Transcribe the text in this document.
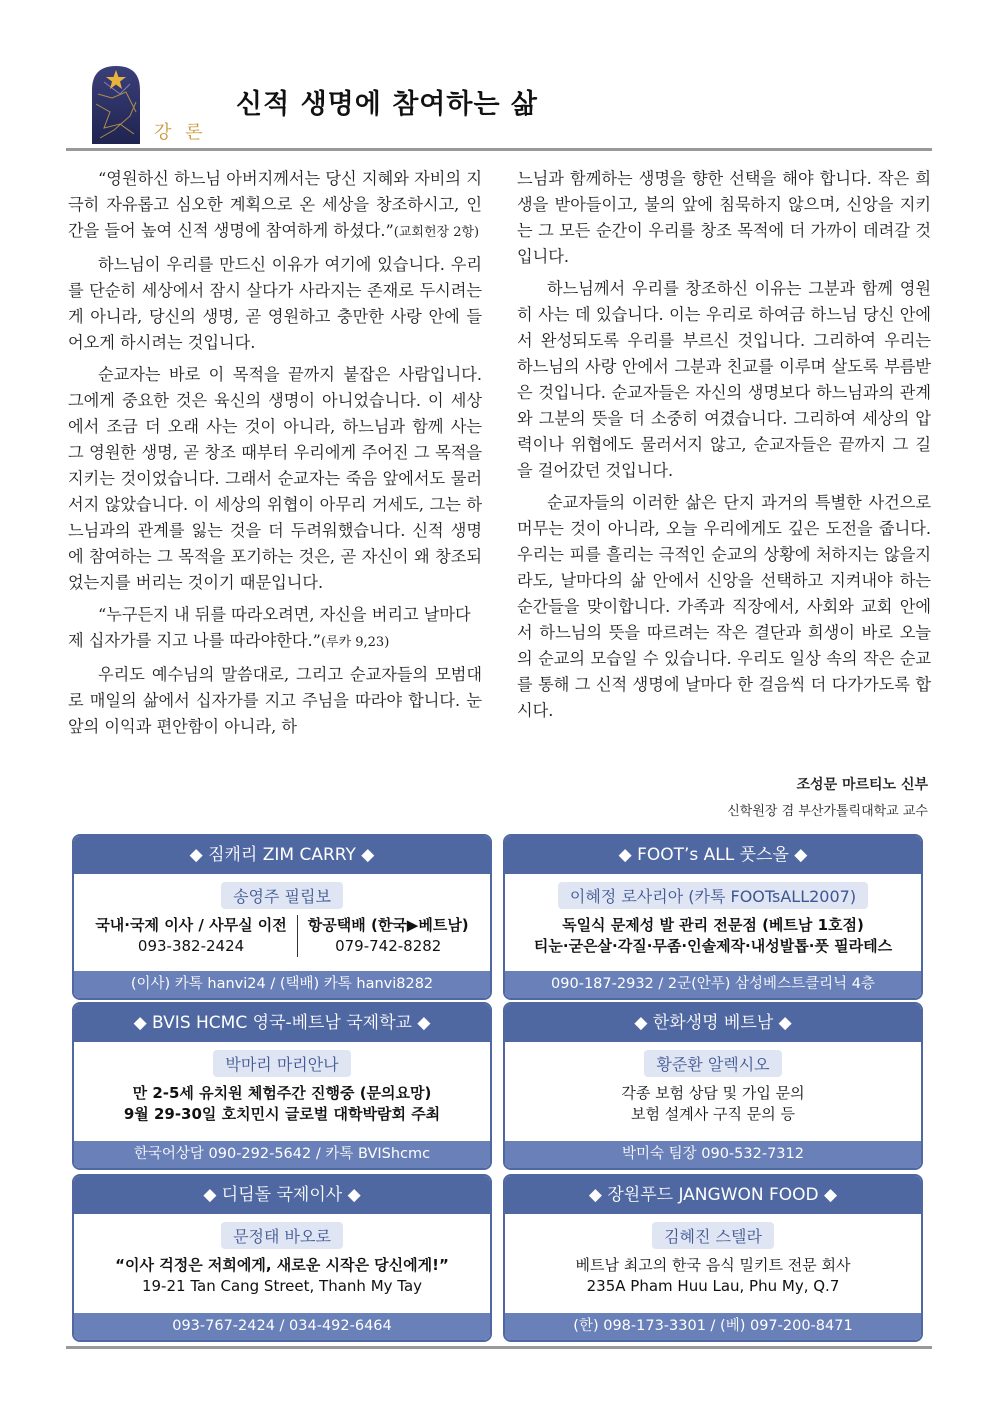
강 론
신적 생명에 참여하는 삶

“영원하신 하느님 아버지께서는 당신 지혜와 자비의 지극히 자유롭고 심오한 계획으로 온 세상을 창조하시고, 인간을 들어 높여 신적 생명에 참여하게 하셨다.”(교회헌장 2항)

하느님이 우리를 만드신 이유가 여기에 있습니다. 우리를 단순히 세상에서 잠시 살다가 사라지는 존재로 두시려는 게 아니라, 당신의 생명, 곧 영원하고 충만한 사랑 안에 들어오게 하시려는 것입니다.

순교자는 바로 이 목적을 끝까지 붙잡은 사람입니다. 그에게 중요한 것은 육신의 생명이 아니었습니다. 이 세상에서 조금 더 오래 사는 것이 아니라, 하느님과 함께 사는 그 영원한 생명, 곧 창조 때부터 우리에게 주어진 그 목적을 지키는 것이었습니다. 그래서 순교자는 죽음 앞에서도 물러서지 않았습니다. 이 세상의 위협이 아무리 거세도, 그는 하느님과의 관계를 잃는 것을 더 두려워했습니다. 신적 생명에 참여하는 그 목적을 포기하는 것은, 곧 자신이 왜 창조되었는지를 버리는 것이기 때문입니다.

“누구든지 내 뒤를 따라오려면, 자신을 버리고 날마다 제 십자가를 지고 나를 따라야한다.”(루카 9,23)

우리도 예수님의 말씀대로, 그리고 순교자들의 모범대로 매일의 삶에서 십자가를 지고 주님을 따라야 합니다. 눈앞의 이익과 편안함이 아니라, 하

느님과 함께하는 생명을 향한 선택을 해야 합니다. 작은 희생을 받아들이고, 불의 앞에 침묵하지 않으며, 신앙을 지키는 그 모든 순간이 우리를 창조 목적에 더 가까이 데려갈 것입니다.

하느님께서 우리를 창조하신 이유는 그분과 함께 영원히 사는 데 있습니다. 이는 우리로 하여금 하느님 당신 안에서 완성되도록 우리를 부르신 것입니다. 그리하여 우리는 하느님의 사랑 안에서 그분과 친교를 이루며 살도록 부름받은 것입니다. 순교자들은 자신의 생명보다 하느님과의 관계와 그분의 뜻을 더 소중히 여겼습니다. 그리하여 세상의 압력이나 위협에도 물러서지 않고, 순교자들은 끝까지 그 길을 걸어갔던 것입니다.

순교자들의 이러한 삶은 단지 과거의 특별한 사건으로 머무는 것이 아니라, 오늘 우리에게도 깊은 도전을 줍니다. 우리는 피를 흘리는 극적인 순교의 상황에 처하지는 않을지라도, 날마다의 삶 안에서 신앙을 선택하고 지켜내야 하는 순간들을 맞이합니다. 가족과 직장에서, 사회와 교회 안에서 하느님의 뜻을 따르려는 작은 결단과 희생이 바로 오늘의 순교의 모습일 수 있습니다. 우리도 일상 속의 작은 순교를 통해 그 신적 생명에 날마다 한 걸음씩 더 다가가도록 합시다.

조성문 마르티노 신부
신학원장 겸 부산가톨릭대학교 교수
◆ 짐캐리 ZIM CARRY ◆
송영주 필립보
국내·국제 이사 / 사무실 이전
093-382-2424
항공택배 (한국▶베트남)
079-742-8282
(이사) 카톡 hanvi24 / (택배) 카톡 hanvi8282
◆ FOOT’s ALL 풋스올 ◆
이혜정 로사리아 (카톡 FOOTsALL2007)
독일식 문제성 발 관리 전문점 (베트남 1호점)
티눈·굳은살·각질·무좀·인솔제작·내성발톱·풋 필라테스
090-187-2932 / 2군(안푸) 삼성베스트클리닉 4층
◆ BVIS HCMC 영국-베트남 국제학교 ◆
박마리 마리안나
만 2-5세 유치원 체험주간 진행중 (문의요망)
9월 29-30일 호치민시 글로벌 대학박람회 주최
한국어상담 090-292-5642 / 카톡 BVIShcmc
◆ 한화생명 베트남 ◆
황준환 알렉시오
각종 보험 상담 및 가입 문의
보험 설계사 구직 문의 등
박미숙 팀장 090-532-7312
◆ 디딤돌 국제이사 ◆
문정태 바오로
“이사 걱정은 저희에게, 새로운 시작은 당신에게!”
19-21 Tan Cang Street, Thanh My Tay
093-767-2424 / 034-492-6464
◆ 장원푸드 JANGWON FOOD ◆
김혜진 스텔라
베트남 최고의 한국 음식 밀키트 전문 회사
235A Pham Huu Lau, Phu My, Q.7
(한) 098-173-3301 / (베) 097-200-8471
